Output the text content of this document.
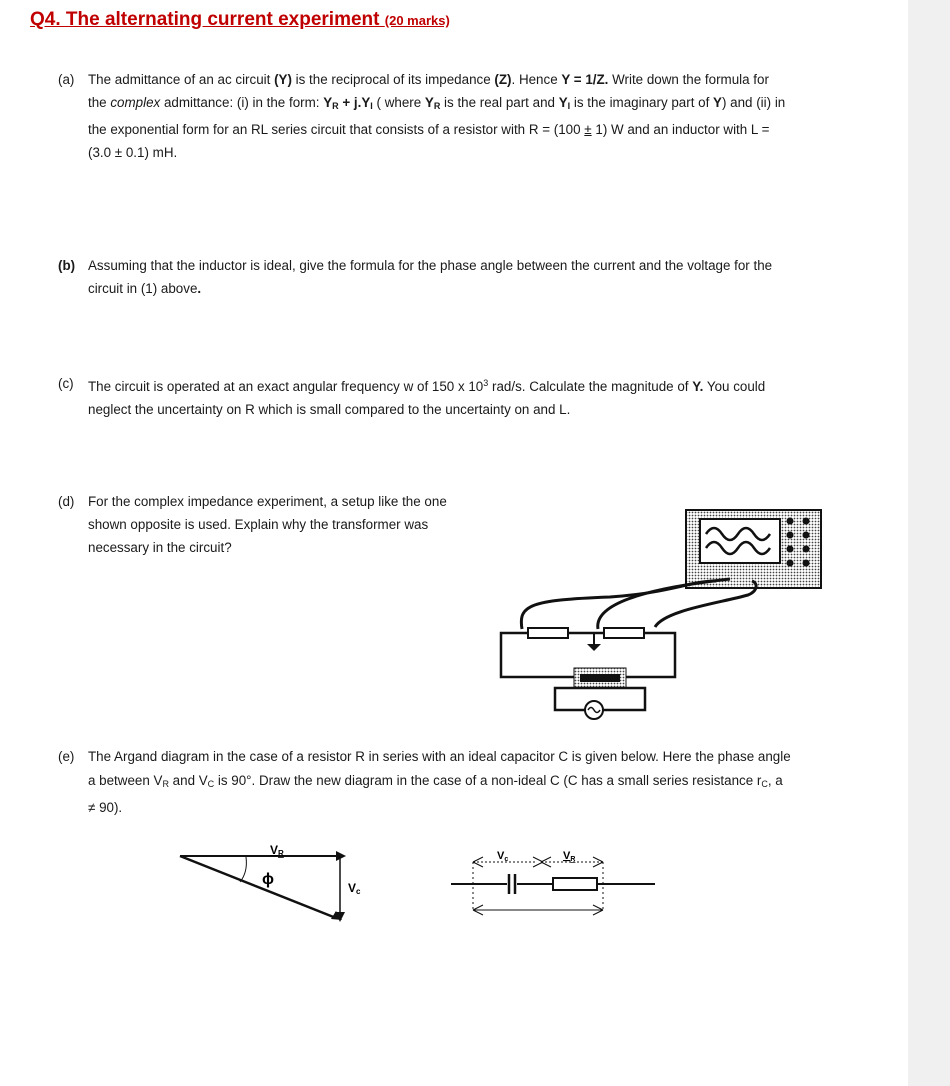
Q4. The alternating current experiment (20 marks)
(a)	The admittance of an ac circuit (Y) is the reciprocal of its impedance (Z). Hence Y = 1/Z. Write down the formula for the complex admittance: (i) in the form: $Y_R + j.Y_I$ ( where $Y_R$ is the real part and $Y_I$ is the imaginary part of Y) and (ii) in the exponential form for an RL series circuit that consists of a resistor with R = (100 ± 1) W and an inductor with L = (3.0 ± 0.1) mH.
(b) Assuming that the inductor is ideal, give the formula for the phase angle between the current and the voltage for the circuit in (1) above.
(c)	The circuit is operated at an exact angular frequency w of 150 x $10^3$ rad/s. Calculate the magnitude of Y. You could neglect the uncertainty on R which is small compared to the uncertainty on and L.
(d)	For the complex impedance experiment, a setup like the one shown opposite is used. Explain why the transformer was necessary in the circuit?
(e)	The Argand diagram in the case of a resistor R in series with an ideal capacitor C is given below. Here the phase angle a between $V_R$ and $V_C$ is 90°. Draw the new diagram in the case of a non-ideal C (C has a small series resistance $r_C$, a ≠ 90).
VR
ϕ	Vc
Vc	VR
